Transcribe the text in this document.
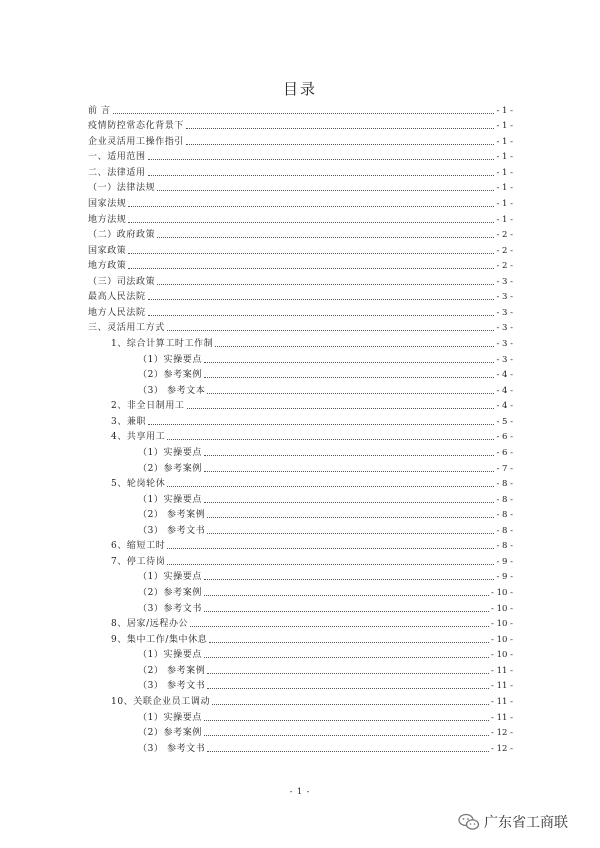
目录
前 言	- 1 -
疫情防控常态化背景下	- 1 -
企业灵活用工操作指引	- 1 -
一、适用范围	- 1 -
二、法律适用	- 1 -
（一）法律法规	- 1 -
国家法规	- 1 -
地方法规	- 1 -
（二）政府政策	- 2 -
国家政策	- 2 -
地方政策	- 2 -
（三）司法政策	- 3 -
最高人民法院	- 3 -
地方人民法院	- 3 -
三、灵活用工方式	- 3 -
1、综合计算工时工作制	- 3 -
（1）实操要点	- 3 -
（2）参考案例	- 4 -
（3） 参考文本	- 4 -
2、非全日制用工	- 4 -
3、兼职	- 5 -
4、共享用工	- 6 -
（1）实操要点	- 6 -
（2）参考案例	- 7 -
5、轮岗轮休	- 8 -
（1）实操要点	- 8 -
（2） 参考案例	- 8 -
（3） 参考文书	- 8 -
6、缩短工时	- 8 -
7、停工待岗	- 9 -
（1）实操要点	- 9 -
（2）参考案例	- 10 -
（3）参考文书	- 10 -
8、居家/远程办公	- 10 -
9、集中工作/集中休息	- 10 -
（1）实操要点	- 10 -
（2） 参考案例	- 11 -
（3） 参考文书	- 11 -
10、关联企业员工调动	- 11 -
（1）实操要点	- 11 -
（2）参考案例	- 12 -
（3） 参考文书	- 12 -
- 1 -
广东省工商联
